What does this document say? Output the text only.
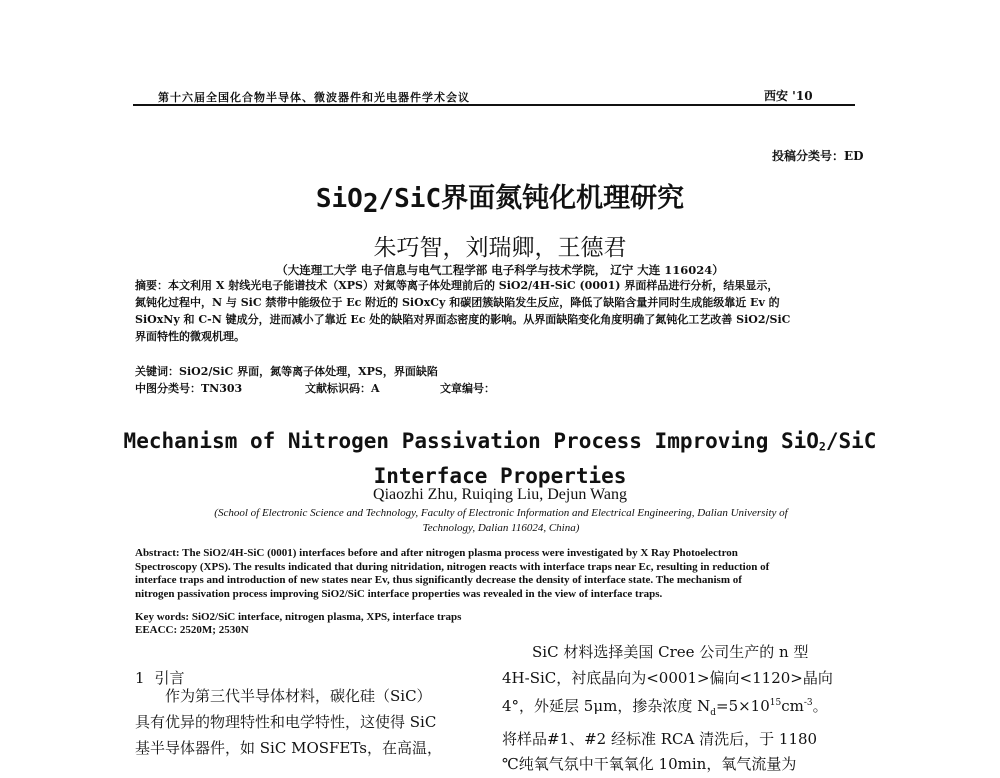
第十六届全国化合物半导体、微波器件和光电器件学术会议	西安 '10
投稿分类号：ED
SiO$_2$/SiC界面氮钝化机理研究
朱巧智，刘瑞卿，王德君
（大连理工大学 电子信息与电气工程学部 电子科学与技术学院， 辽宁 大连 116024）
摘要：本文利用 X 射线光电子能谱技术（XPS）对氮等离子体处理前后的 SiO2/4H-SiC (0001) 界面样品进行分析，结果显示，
氮钝化过程中，N 与 SiC 禁带中能级位于 Ec 附近的 SiOxCy 和碳团簇缺陷发生反应，降低了缺陷含量并同时生成能级靠近 Ev 的
SiOxNy 和 C-N 键成分，进而减小了靠近 Ec 处的缺陷对界面态密度的影响。从界面缺陷变化角度明确了氮钝化工艺改善 SiO2/SiC
界面特性的微观机理。
关键词：SiO2/SiC 界面，氮等离子体处理，XPS，界面缺陷
中图分类号：TN303	文献标识码：A	文章编号：
Mechanism of Nitrogen Passivation Process Improving SiO$_2$/SiC
Interface Properties
Qiaozhi Zhu, Ruiqing Liu, Dejun Wang
(School of Electronic Science and Technology, Faculty of Electronic Information and Electrical Engineering, Dalian University of
Technology, Dalian 116024, China)
Abstract: The SiO2/4H-SiC (0001) interfaces before and after nitrogen plasma process were investigated by X Ray Photoelectron
Spectroscopy (XPS). The results indicated that during nitridation, nitrogen reacts with interface traps near Ec, resulting in reduction of
interface traps and introduction of new states near Ev, thus significantly decrease the density of interface state. The mechanism of
nitrogen passivation process improving SiO2/SiC interface properties was revealed in the view of interface traps.
Key words: SiO2/SiC interface, nitrogen plasma, XPS, interface traps
EEACC: 2520M; 2530N
1 引言
　　作为第三代半导体材料，碳化硅（SiC）
具有优异的物理特性和电学特性，这使得 SiC
基半导体器件，如 SiC MOSFETs，在高温，
　　SiC 材料选择美国 Cree 公司生产的 n 型
4H-SiC，衬底晶向为<0001>偏向<1120>晶向
4°，外延层 5μm，掺杂浓度 $N_d=5\times 10^{15}cm^{-3}$。
将样品#1、#2 经标准 RCA 清洗后，于 1180
℃纯氧气氛中干氧氧化 10min，氧气流量为
